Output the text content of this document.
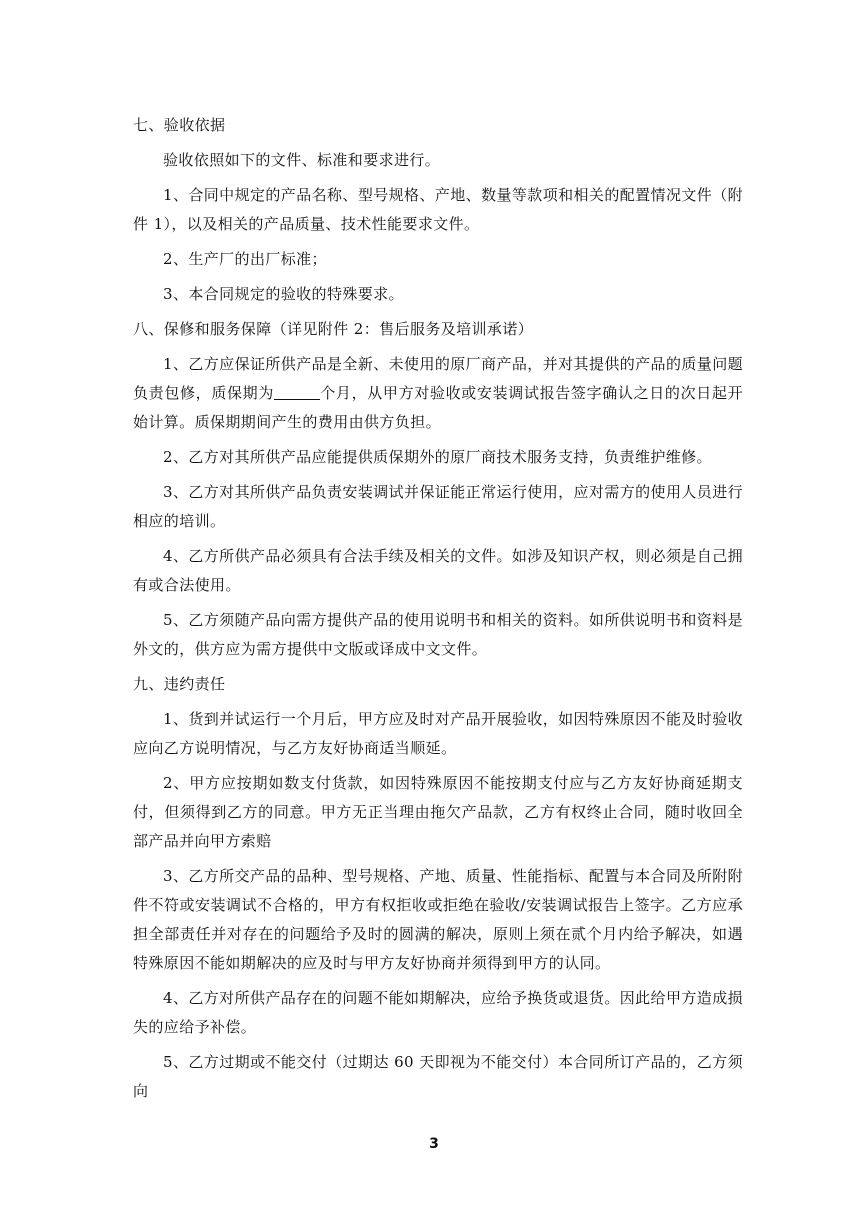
七、验收依据

验收依照如下的文件、标准和要求进行。

1、合同中规定的产品名称、型号规格、产地、数量等款项和相关的配置情况文件（附件 1），以及相关的产品质量、技术性能要求文件。

2、生产厂的出厂标准；

3、本合同规定的验收的特殊要求。

八、保修和服务保障（详见附件 2：售后服务及培训承诺）

1、乙方应保证所供产品是全新、未使用的原厂商产品，并对其提供的产品的质量问题负责包修，质保期为	个月，从甲方对验收或安装调试报告签字确认之日的次日起开始计算。质保期期间产生的费用由供方负担。

2、乙方对其所供产品应能提供质保期外的原厂商技术服务支持，负责维护维修。

3、乙方对其所供产品负责安装调试并保证能正常运行使用，应对需方的使用人员进行相应的培训。

4、乙方所供产品必须具有合法手续及相关的文件。如涉及知识产权，则必须是自己拥有或合法使用。

5、乙方须随产品向需方提供产品的使用说明书和相关的资料。如所供说明书和资料是外文的，供方应为需方提供中文版或译成中文文件。

九、违约责任

1、货到并试运行一个月后，甲方应及时对产品开展验收，如因特殊原因不能及时验收应向乙方说明情况，与乙方友好协商适当顺延。

2、甲方应按期如数支付货款，如因特殊原因不能按期支付应与乙方友好协商延期支付，但须得到乙方的同意。甲方无正当理由拖欠产品款，乙方有权终止合同，随时收回全部产品并向甲方索赔

3、乙方所交产品的品种、型号规格、产地、质量、性能指标、配置与本合同及所附附件不符或安装调试不合格的，甲方有权拒收或拒绝在验收/安装调试报告上签字。乙方应承担全部责任并对存在的问题给予及时的圆满的解决，原则上须在贰个月内给予解决，如遇特殊原因不能如期解决的应及时与甲方友好协商并须得到甲方的认同。

4、乙方对所供产品存在的问题不能如期解决，应给予换货或退货。因此给甲方造成损失的应给予补偿。

5、乙方过期或不能交付（过期达 60 天即视为不能交付）本合同所订产品的，乙方须向

3
